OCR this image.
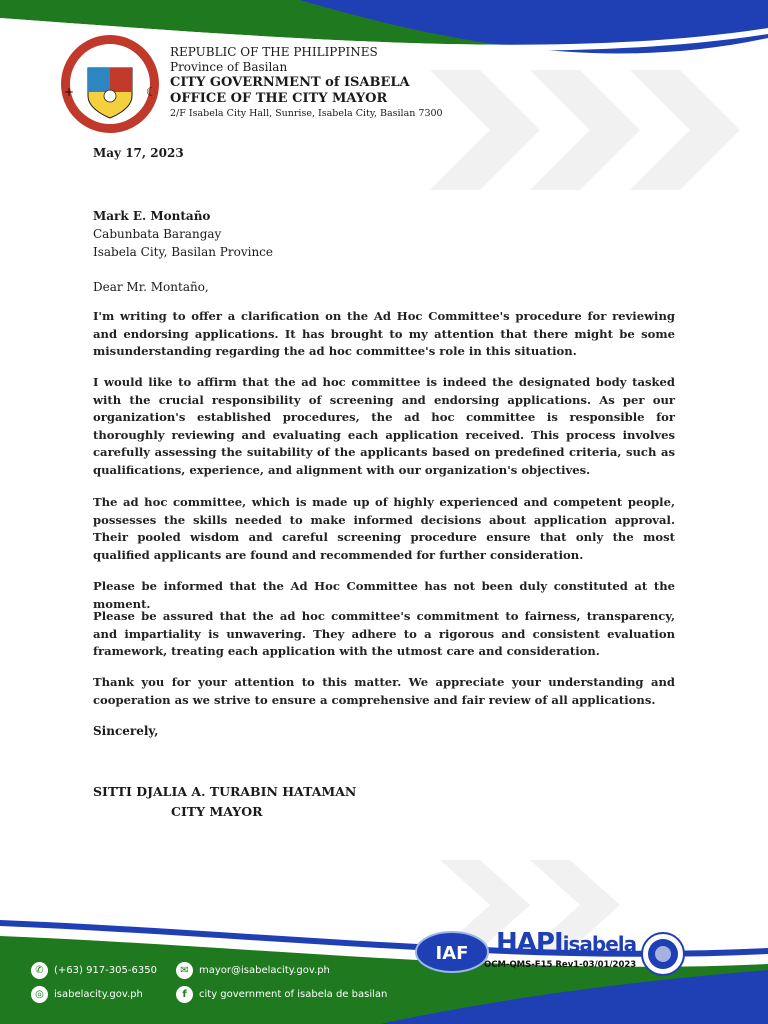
+	☾
REPUBLIC OF THE PHILIPPINES
Province of Basilan
CITY GOVERNMENT of ISABELA
OFFICE OF THE CITY MAYOR
2/F Isabela City Hall, Sunrise, Isabela City, Basilan 7300
May 17, 2023
Mark E. Montaño
Cabunbata Barangay
Isabela City, Basilan Province
Dear Mr. Montaño,
I'm writing to offer a clarification on the Ad Hoc Committee's procedure for reviewing and endorsing applications. It has brought to my attention that there might be some misunderstanding regarding the ad hoc committee's role in this situation.
I would like to affirm that the ad hoc committee is indeed the designated body tasked with the crucial responsibility of screening and endorsing applications. As per our organization's established procedures, the ad hoc committee is responsible for thoroughly reviewing and evaluating each application received. This process involves carefully assessing the suitability of the applicants based on predefined criteria, such as qualifications, experience, and alignment with our organization's objectives.
The ad hoc committee, which is made up of highly experienced and competent people, possesses the skills needed to make informed decisions about application approval. Their pooled wisdom and careful screening procedure ensure that only the most qualified applicants are found and recommended for further consideration.
Please be informed that the Ad Hoc Committee has not been duly constituted at the moment.
Please be assured that the ad hoc committee's commitment to fairness, transparency, and impartiality is unwavering. They adhere to a rigorous and consistent evaluation framework, treating each application with the utmost care and consideration.
Thank you for your attention to this matter. We appreciate your understanding and cooperation as we strive to ensure a comprehensive and fair review of all applications.
Sincerely,
SITTI DJALIA A. TURABIN HATAMAN
CITY MAYOR
IAF HAPIisabela
OCM-QMS-F15 Rev1-03/01/2023
✆	(+63) 917-305-6350	✉	mayor@isabelacity.gov.ph
◎	isabelacity.gov.ph	f	city government of isabela de basilan
